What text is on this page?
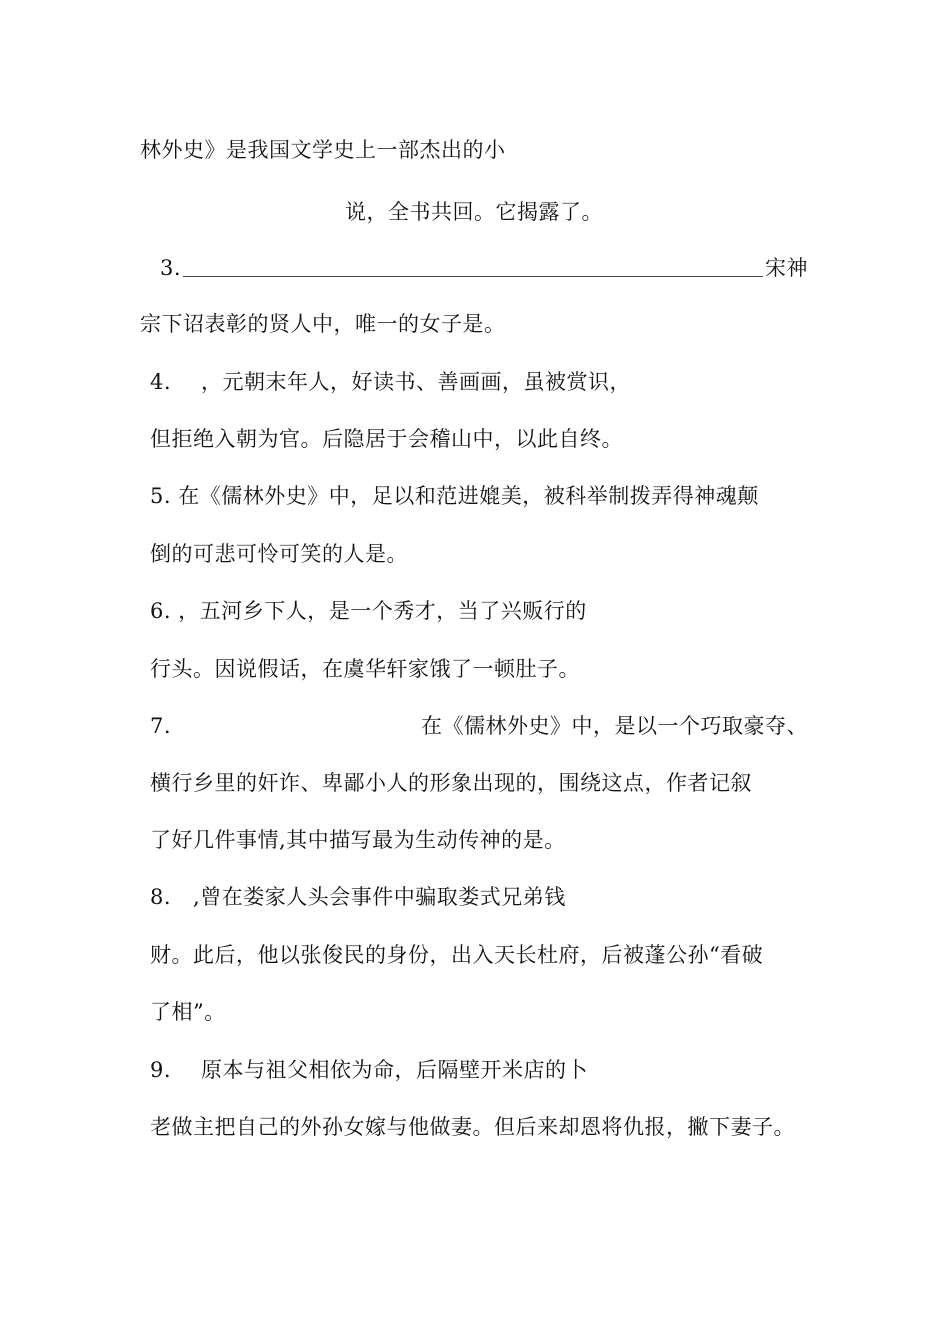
林外史》是我国文学史上一部杰出的小
说，全书共回。它揭露了。
3.	宋神
宗下诏表彰的贤人中，唯一的女子是。
4. ，元朝末年人，好读书、善画画，虽被赏识，
但拒绝入朝为官。后隐居于会稽山中，以此自终。
5. 在《儒林外史》中，足以和范进媲美，被科举制拨弄得神魂颠
倒的可悲可怜可笑的人是。
6. ，五河乡下人，是一个秀才，当了兴贩行的
行头。因说假话，在虞华轩家饿了一顿肚子。
7.	在《儒林外史》中，是以一个巧取豪夺、
横行乡里的奸诈、卑鄙小人的形象出现的，围绕这点，作者记叙
了好几件事情,其中描写最为生动传神的是。
8. ,曾在娄家人头会事件中骗取娄式兄弟钱
财。此后，他以张俊民的身份，出入天长杜府，后被蓬公孙“看破
了相”。
9. 原本与祖父相依为命，后隔壁开米店的卜
老做主把自己的外孙女嫁与他做妻。但后来却恩将仇报，撇下妻子。
